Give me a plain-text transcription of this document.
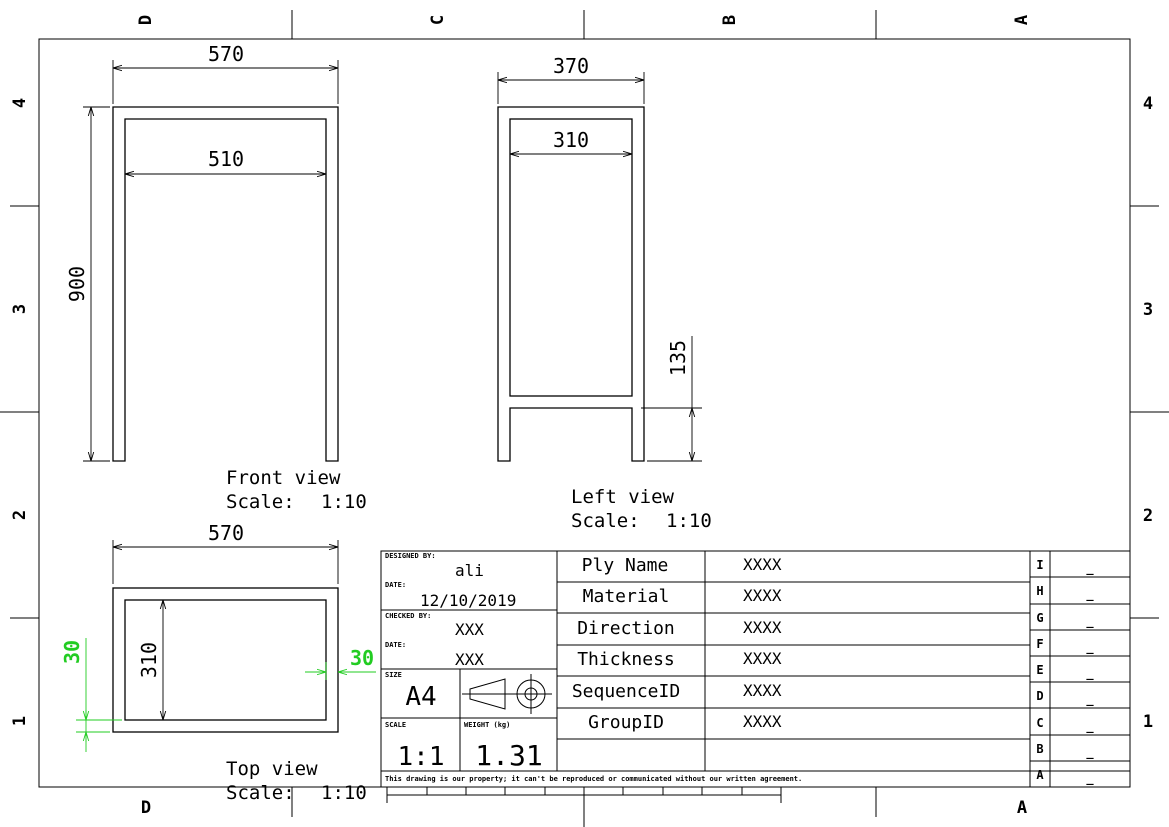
D	C	B	A
D	A
4
3
2
1
4
3
2
1
570
510
900
Front view
Scale: 1:10
370
310
135
Left view
Scale: 1:10
570
310
30	30
Top view
Scale: 1:10
DESIGNED BY:
ali
DATE:
12/10/2019
CHECKED BY:
XXX
DATE:
XXX
SIZE
A4
SCALE
1:1
WEIGHT (kg)
1.31
Ply Name	XXXX
Material	XXXX
Direction	XXXX
Thickness	XXXX
SequenceID	XXXX
GroupID	XXXX
I	_
H	_
G	_
F	_
E	_
D	_
C	_
B	_
A	_
This drawing is our property; it can't be reproduced or communicated without our written agreement.
